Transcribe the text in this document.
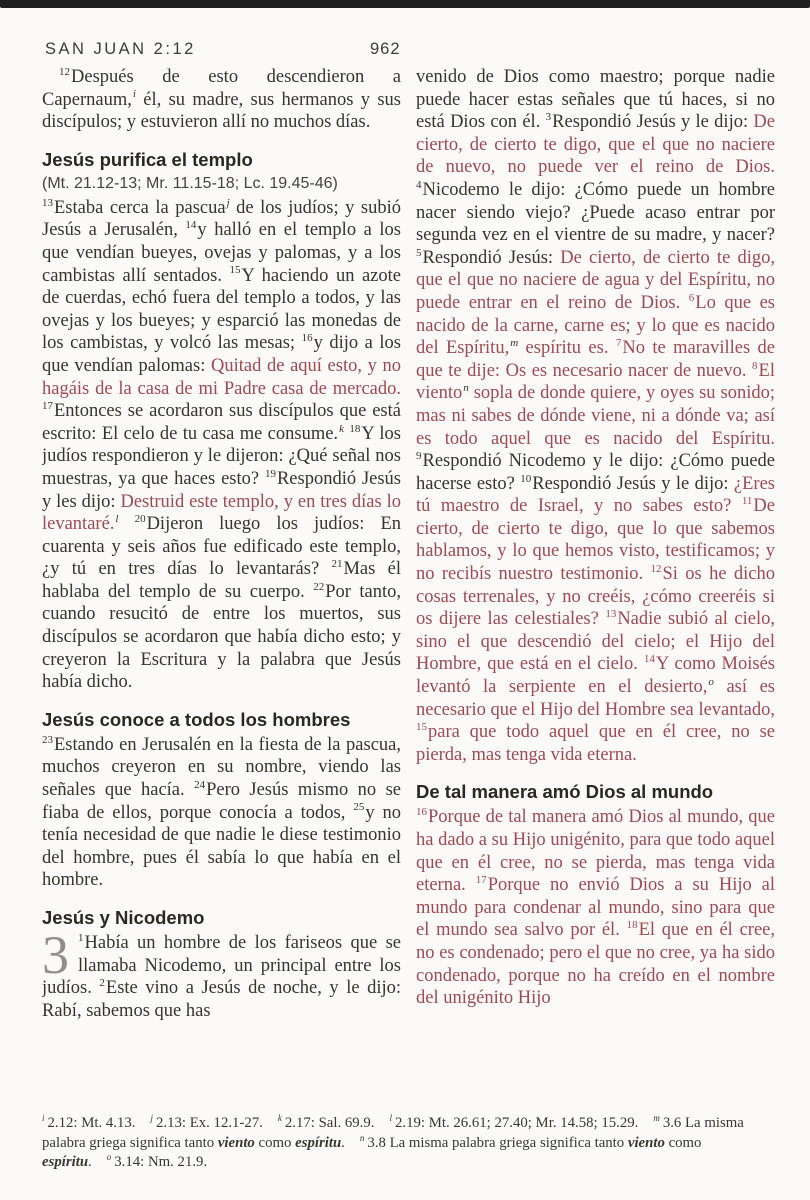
SAN JUAN 2:12	962

$^{12}$Después de esto descendieron a Capernaum,$^i$ él, su madre, sus hermanos y sus discípulos; y estuvieron allí no muchos días.

Jesús purifica el templo
(Mt. 21.12-13; Mr. 11.15-18; Lc. 19.45-46)

$^{13}$Estaba cerca la pascua$^j$ de los judíos; y subió Jesús a Jerusalén, $^{14}$y halló en el templo a los que vendían bueyes, ovejas y palomas, y a los cambistas allí sentados. $^{15}$Y haciendo un azote de cuerdas, echó fuera del templo a todos, y las ovejas y los bueyes; y esparció las monedas de los cambistas, y volcó las mesas; $^{16}$y dijo a los que vendían palomas: Quitad de aquí esto, y no hagáis de la casa de mi Padre casa de mercado. $^{17}$Entonces se acordaron sus discípulos que está escrito: El celo de tu casa me consume.$^k$ $^{18}$Y los judíos respondieron y le dijeron: ¿Qué señal nos muestras, ya que haces esto? $^{19}$Respondió Jesús y les dijo: Destruid este templo, y en tres días lo levantaré.$^l$ $^{20}$Dijeron luego los judíos: En cuarenta y seis años fue edificado este templo, ¿y tú en tres días lo levantarás? $^{21}$Mas él hablaba del templo de su cuerpo. $^{22}$Por tanto, cuando resucitó de entre los muertos, sus discípulos se acordaron que había dicho esto; y creyeron la Escritura y la palabra que Jesús había dicho.

Jesús conoce a todos los hombres

$^{23}$Estando en Jerusalén en la fiesta de la pascua, muchos creyeron en su nombre, viendo las señales que hacía. $^{24}$Pero Jesús mismo no se fiaba de ellos, porque conocía a todos, $^{25}$y no tenía necesidad de que nadie le diese testimonio del hombre, pues él sabía lo que había en el hombre.

Jesús y Nicodemo

3 $^1$Había un hombre de los fariseos que se llamaba Nicodemo, un principal entre los judíos. $^2$Este vino a Jesús de noche, y le dijo: Rabí, sabemos que has

venido de Dios como maestro; porque nadie puede hacer estas señales que tú haces, si no está Dios con él. $^3$Respondió Jesús y le dijo: De cierto, de cierto te digo, que el que no naciere de nuevo, no puede ver el reino de Dios. $^4$Nicodemo le dijo: ¿Cómo puede un hombre nacer siendo viejo? ¿Puede acaso entrar por segunda vez en el vientre de su madre, y nacer? $^5$Respondió Jesús: De cierto, de cierto te digo, que el que no naciere de agua y del Espíritu, no puede entrar en el reino de Dios. $^6$Lo que es nacido de la carne, carne es; y lo que es nacido del Espíritu,$^m$ espíritu es. $^7$No te maravilles de que te dije: Os es necesario nacer de nuevo. $^8$El viento$^n$ sopla de donde quiere, y oyes su sonido; mas ni sabes de dónde viene, ni a dónde va; así es todo aquel que es nacido del Espíritu. $^9$Respondió Nicodemo y le dijo: ¿Cómo puede hacerse esto? $^{10}$Respondió Jesús y le dijo: ¿Eres tú maestro de Israel, y no sabes esto? $^{11}$De cierto, de cierto te digo, que lo que sabemos hablamos, y lo que hemos visto, testificamos; y no recibís nuestro testimonio. $^{12}$Si os he dicho cosas terrenales, y no creéis, ¿cómo creeréis si os dijere las celestiales? $^{13}$Nadie subió al cielo, sino el que descendió del cielo; el Hijo del Hombre, que está en el cielo. $^{14}$Y como Moisés levantó la serpiente en el desierto,$^o$ así es necesario que el Hijo del Hombre sea levantado, $^{15}$para que todo aquel que en él cree, no se pierda, mas tenga vida eterna.

De tal manera amó Dios al mundo

$^{16}$Porque de tal manera amó Dios al mundo, que ha dado a su Hijo unigénito, para que todo aquel que en él cree, no se pierda, mas tenga vida eterna. $^{17}$Porque no envió Dios a su Hijo al mundo para condenar al mundo, sino para que el mundo sea salvo por él. $^{18}$El que en él cree, no es condenado; pero el que no cree, ya ha sido condenado, porque no ha creído en el nombre del unigénito Hijo

$^i$ 2.12: Mt. 4.13. $^j$ 2.13: Ex. 12.1-27. $^k$ 2.17: Sal. 69.9. $^l$ 2.19: Mt. 26.61; 27.40; Mr. 14.58; 15.29. $^m$ 3.6 La misma palabra griega significa tanto viento como espíritu. $^n$ 3.8 La misma palabra griega significa tanto viento como espíritu. $^o$ 3.14: Nm. 21.9.
